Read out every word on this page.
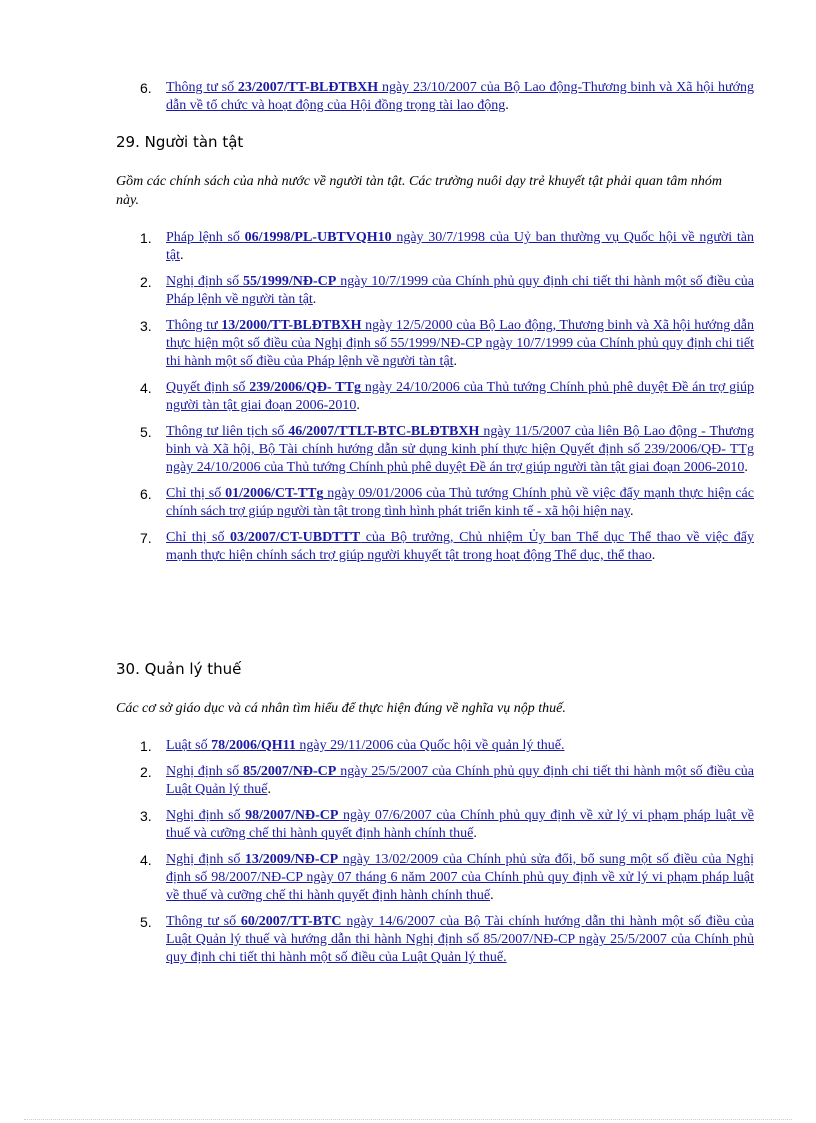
6. Thông tư số 23/2007/TT-BLĐTBXH ngày 23/10/2007 của Bộ Lao động-Thương binh và Xã hội hướng dẫn về tổ chức và hoạt động của Hội đồng trọng tài lao động.
29. Người tàn tật

Gồm các chính sách của nhà nước về người tàn tật. Các trường nuôi dạy trẻ khuyết tật phải quan tâm nhóm này.

1. Pháp lệnh số 06/1998/PL-UBTVQH10 ngày 30/7/1998 của Uỷ ban thường vụ Quốc hội về người tàn tật.
2. Nghị định số 55/1999/NĐ-CP ngày 10/7/1999 của Chính phủ quy định chi tiết thi hành một số điều của Pháp lệnh về người tàn tật.
3. Thông tư 13/2000/TT-BLĐTBXH ngày 12/5/2000 của Bộ Lao động, Thương binh và Xã hội hướng dẫn thực hiện một số điều của Nghị định số 55/1999/NĐ-CP ngày 10/7/1999 của Chính phủ quy định chi tiết thi hành một số điều của Pháp lệnh về người tàn tật.
4. Quyết định số 239/2006/QĐ- TTg ngày 24/10/2006 của Thủ tướng Chính phủ phê duyệt Đề án trợ giúp người tàn tật giai đoạn 2006-2010.
5. Thông tư liên tịch số 46/2007/TTLT-BTC-BLĐTBXH ngày 11/5/2007 của liên Bộ Lao động - Thương binh và Xã hội, Bộ Tài chính hướng dẫn sử dụng kinh phí thực hiện Quyết định số 239/2006/QĐ- TTg ngày 24/10/2006 của Thủ tướng Chính phủ phê duyệt Đề án trợ giúp người tàn tật giai đoạn 2006-2010.
6. Chỉ thị số 01/2006/CT-TTg ngày 09/01/2006 của Thủ tướng Chính phủ về việc đẩy mạnh thực hiện các chính sách trợ giúp người tàn tật trong tình hình phát triển kinh tế - xã hội hiện nay.
7. Chỉ thị số 03/2007/CT-UBDTTT của Bộ trưởng, Chủ nhiệm Ủy ban Thể dục Thể thao về việc đẩy mạnh thực hiện chính sách trợ giúp người khuyết tật trong hoạt động Thể dục, thể thao.
30. Quản lý thuế

Các cơ sở giáo dục và cá nhân tìm hiểu để thực hiện đúng về nghĩa vụ nộp thuế.

1. Luật số 78/2006/QH11 ngày 29/11/2006 của Quốc hội về quản lý thuế.
2. Nghị định số 85/2007/NĐ-CP ngày 25/5/2007 của Chính phủ quy định chi tiết thi hành một số điều của Luật Quản lý thuế.
3. Nghị định số 98/2007/NĐ-CP ngày 07/6/2007 của Chính phủ quy định về xử lý vi phạm pháp luật về thuế và cưỡng chế thi hành quyết định hành chính thuế.
4. Nghị định số 13/2009/NĐ-CP ngày 13/02/2009 của Chính phủ sửa đổi, bổ sung một số điều của Nghị định số 98/2007/NĐ-CP ngày 07 tháng 6 năm 2007 của Chính phủ quy định về xử lý vi phạm pháp luật về thuế và cưỡng chế thi hành quyết định hành chính thuế.
5. Thông tư số 60/2007/TT-BTC ngày 14/6/2007 của Bộ Tài chính hướng dẫn thi hành một số điều của Luật Quản lý thuế và hướng dẫn thi hành Nghị định số 85/2007/NĐ-CP ngày 25/5/2007 của Chính phủ quy định chi tiết thi hành một số điều của Luật Quản lý thuế.
